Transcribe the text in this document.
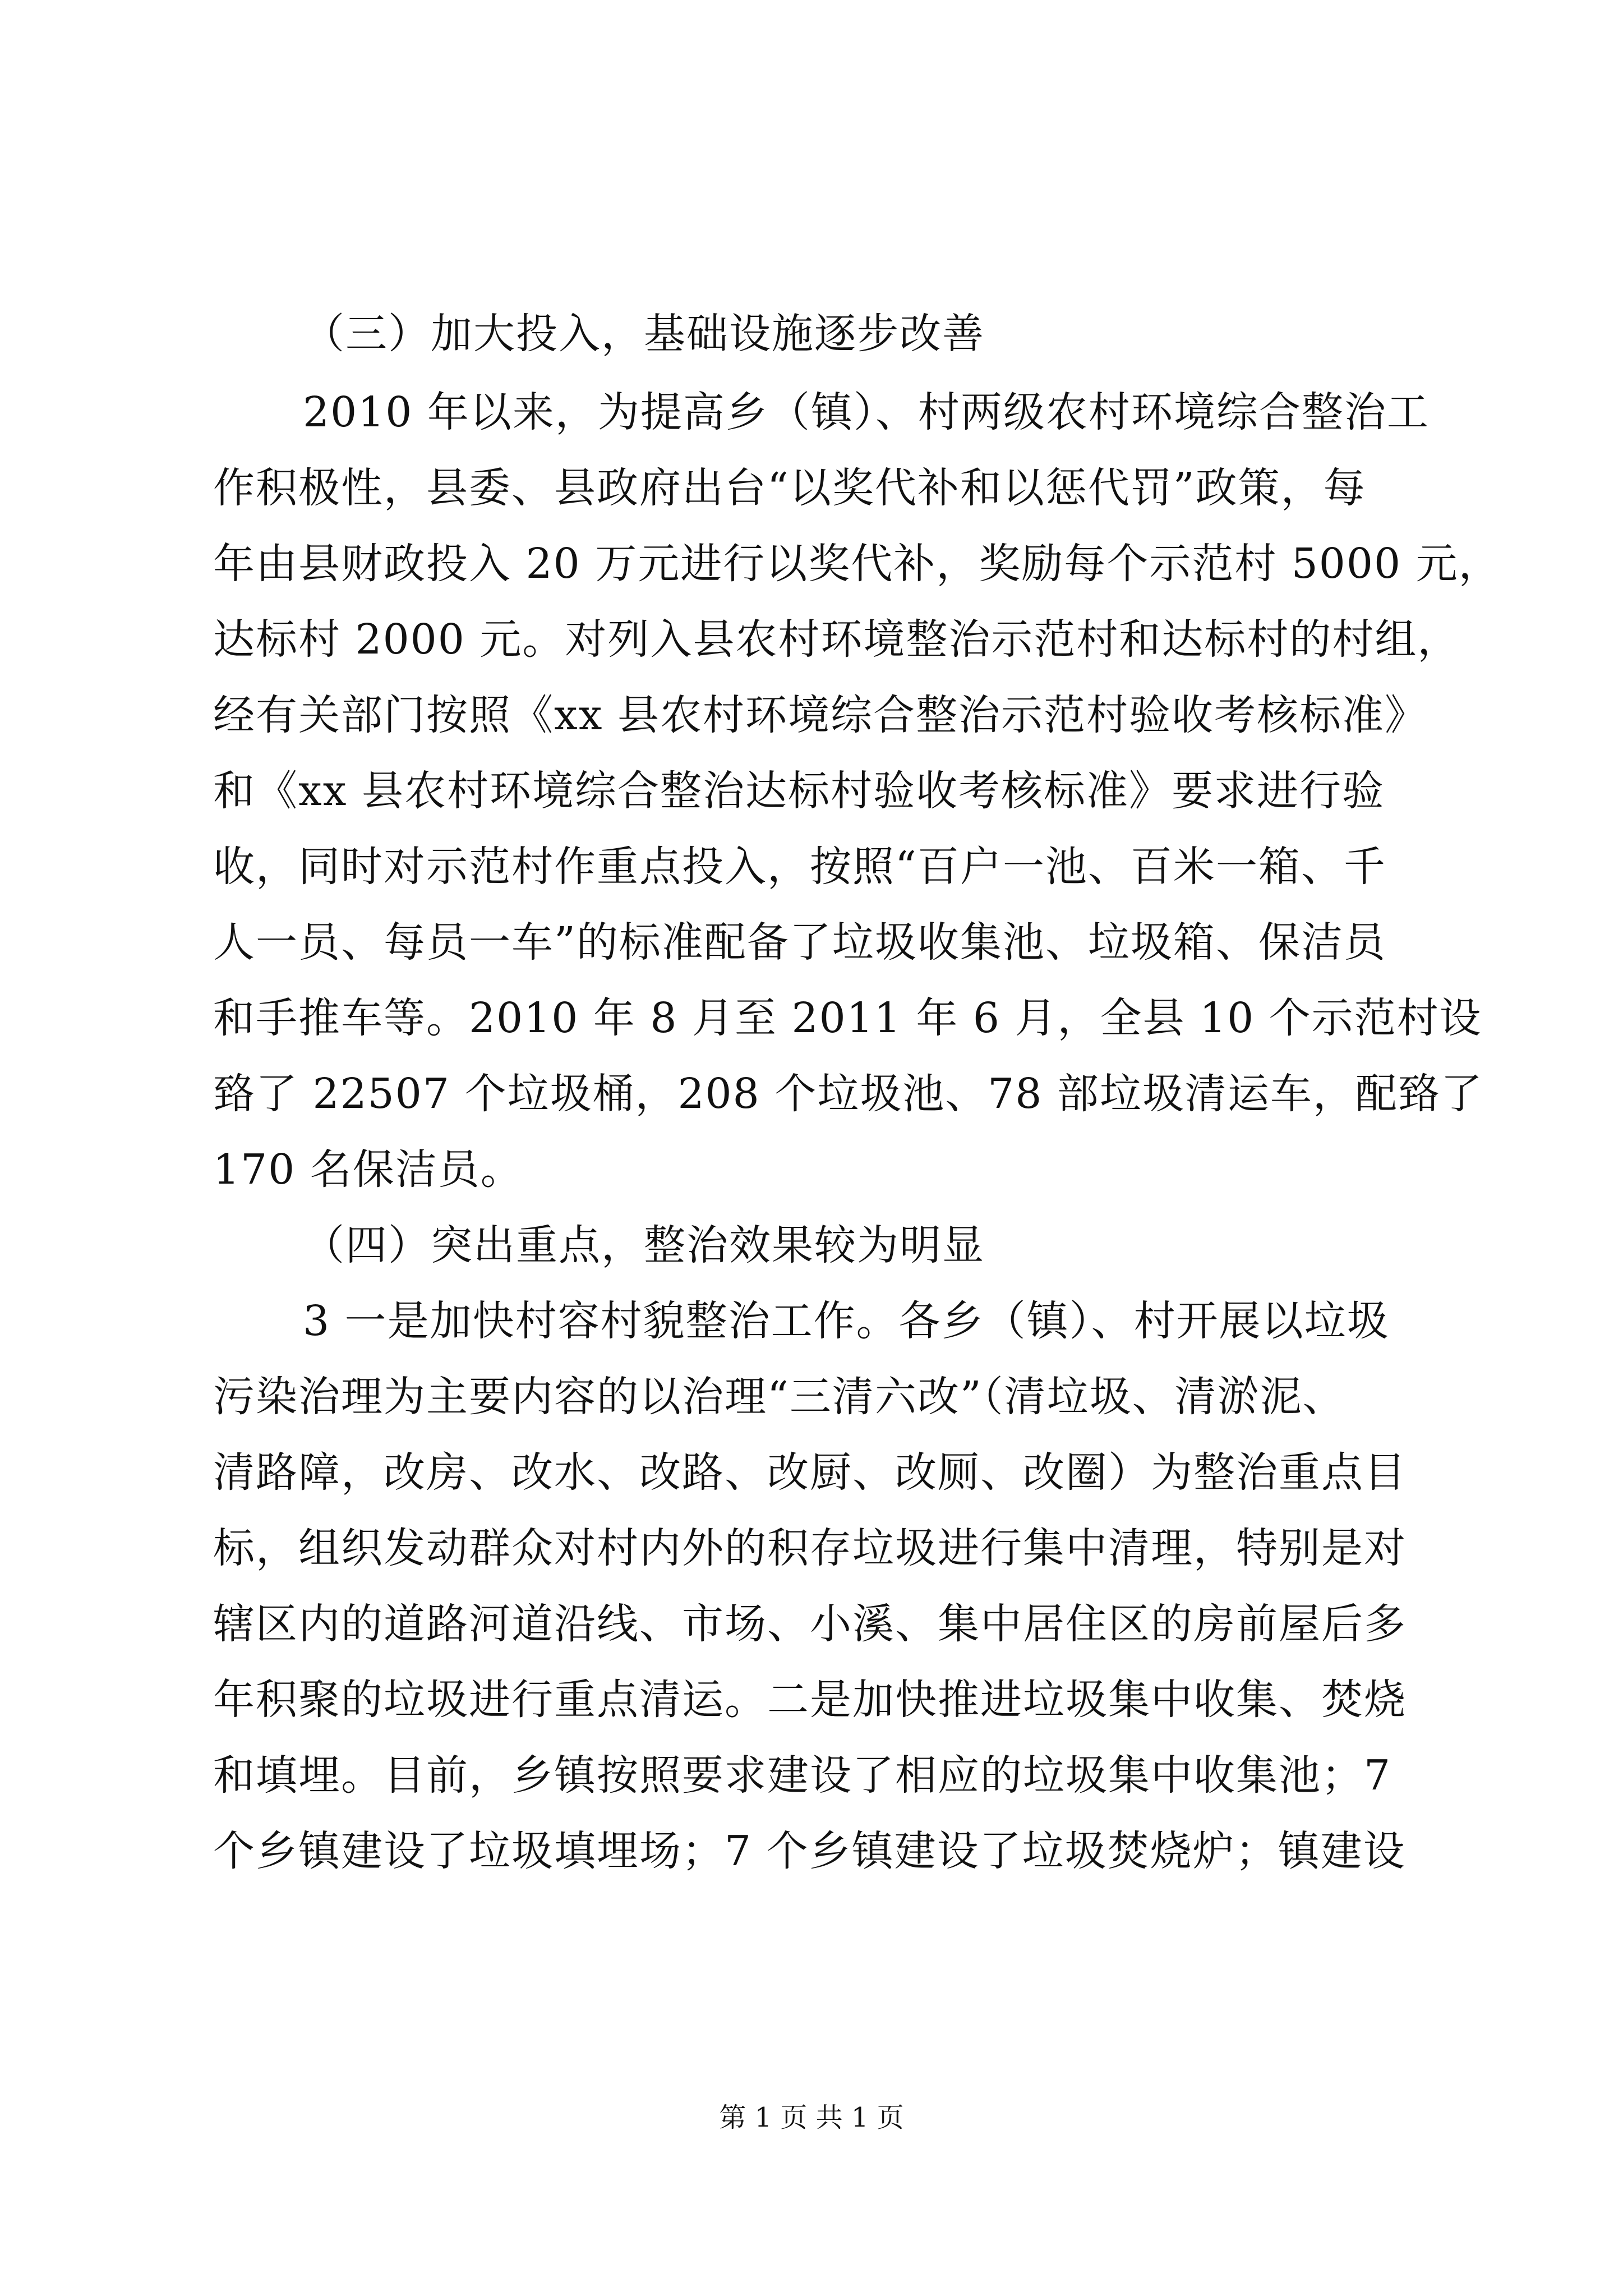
（三）加大投入，基础设施逐步改善
2010 年以来，为提高乡（镇）、村两级农村环境综合整治工
作积极性，县委、县政府出台“以奖代补和以惩代罚”政策，每
年由县财政投入 20 万元进行以奖代补，奖励每个示范村 5000 元，
达标村 2000 元。对列入县农村环境整治示范村和达标村的村组，
经有关部门按照《xx 县农村环境综合整治示范村验收考核标准》
和《xx 县农村环境综合整治达标村验收考核标准》要求进行验
收，同时对示范村作重点投入，按照“百户一池、百米一箱、千
人一员、每员一车”的标准配备了垃圾收集池、垃圾箱、保洁员
和手推车等。2010 年 8 月至 2011 年 6 月，全县 10 个示范村设
臵了 22507 个垃圾桶，208 个垃圾池、78 部垃圾清运车，配臵了
170 名保洁员。
（四）突出重点，整治效果较为明显
3 一是加快村容村貌整治工作。各乡（镇）、村开展以垃圾
污染治理为主要内容的以治理“三清六改”（清垃圾、清淤泥、
清路障，改房、改水、改路、改厨、改厕、改圈）为整治重点目
标，组织发动群众对村内外的积存垃圾进行集中清理，特别是对
辖区内的道路河道沿线、市场、小溪、集中居住区的房前屋后多
年积聚的垃圾进行重点清运。二是加快推进垃圾集中收集、焚烧
和填埋。目前，乡镇按照要求建设了相应的垃圾集中收集池；7
个乡镇建设了垃圾填埋场；7 个乡镇建设了垃圾焚烧炉；镇建设
第 1 页 共 1 页
